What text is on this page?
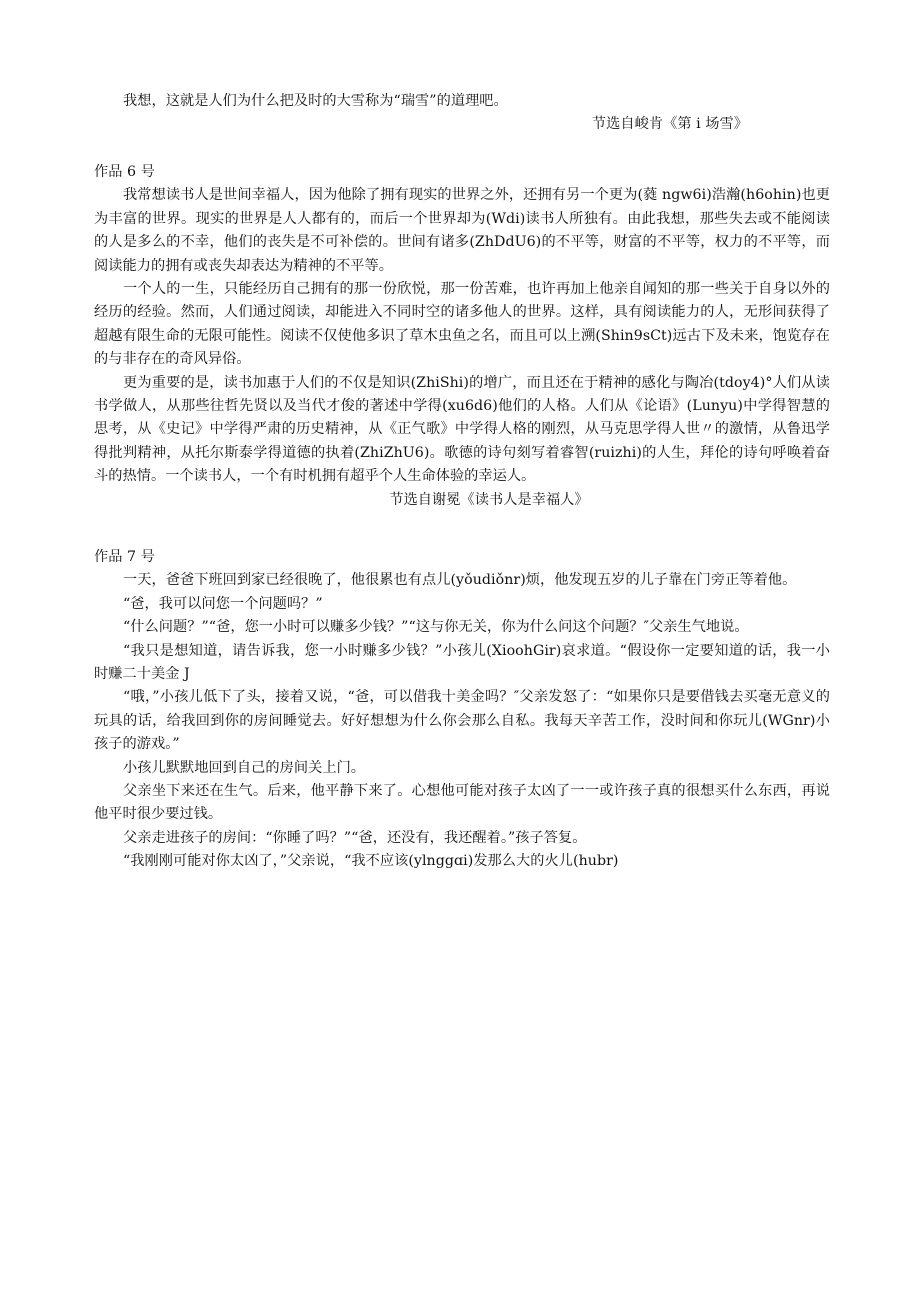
我想，这就是人们为什么把及时的大雪称为“瑞雪”的道理吧。

节选自峻肯《第 i 场雪》

作品 6 号

我常想读书人是世间幸福人，因为他除了拥有现实的世界之外，还拥有另一个更为(蕤 ngw6i)浩瀚(h6ohin)也更为丰富的世界。现实的世界是人人都有的，而后一个世界却为(Wdi)读书人所独有。由此我想，那些失去或不能阅读的人是多么的不幸，他们的丧失是不可补偿的。世间有诸多(ZhDdU6)的不平等，财富的不平等，权力的不平等，而阅读能力的拥有或丧失却表达为精神的不平等。

一个人的一生，只能经历自己拥有的那一份欣悦，那一份苦难，也许再加上他亲自闻知的那一些关于自身以外的经历的经验。然而，人们通过阅读，却能进入不同时空的诸多他人的世界。这样，具有阅读能力的人，无形间获得了超越有限生命的无限可能性。阅读不仅使他多识了草木虫鱼之名，而且可以上溯(Shin9sCt)远古下及未来，饱览存在的与非存在的奇风异俗。

更为重要的是，读书加惠于人们的不仅是知识(ZhiShi)的增广，而且还在于精神的感化与陶冶(tdoy4)°人们从读书学做人，从那些往哲先贤以及当代才俊的著述中学得(xu6d6)他们的人格。人们从《论语》(Lunyu)中学得智慧的思考，从《史记》中学得严肃的历史精神，从《正气歌》中学得人格的刚烈，从马克思学得人世〃的激情，从鲁迅学得批判精神，从托尔斯泰学得道德的执着(ZhiZhU6)。歌德的诗句刻写着睿智(ruizhi)的人生，拜伦的诗句呼唤着奋斗的热情。一个读书人，一个有时机拥有超乎个人生命体验的幸运人。

节选自谢冕《读书人是幸福人》

作品 7 号

一天，爸爸下班回到家已经很晚了，他很累也有点儿(yǒudiǒnr)烦，他发现五岁的儿子靠在门旁正等着他。

“爸，我可以问您一个问题吗？”

“什么问题？”“爸，您一小时可以赚多少钱？”“这与你无关，你为什么问这个问题？″父亲生气地说。

“我只是想知道，请告诉我，您一小时赚多少钱？”小孩儿(XioohGir)哀求道。“假设你一定要知道的话，我一小时赚二十美金 J

“哦，”小孩儿低下了头，接着又说，“爸，可以借我十美金吗？″父亲发怒了：“如果你只是要借钱去买毫无意义的玩具的话，给我回到你的房间睡觉去。好好想想为什么你会那么自私。我每天辛苦工作，没时间和你玩儿(WGnr)小孩子的游戏。”

小孩儿默默地回到自己的房间关上门。

父亲坐下来还在生气。后来，他平静下来了。心想他可能对孩子太凶了一一或许孩子真的很想买什么东西，再说他平时很少要过钱。

父亲走进孩子的房间：“你睡了吗？”“爸，还没有，我还醒着。”孩子答复。

“我刚刚可能对你太凶了，”父亲说，“我不应该(ylnggɑi)发那么大的火儿(hubr)
